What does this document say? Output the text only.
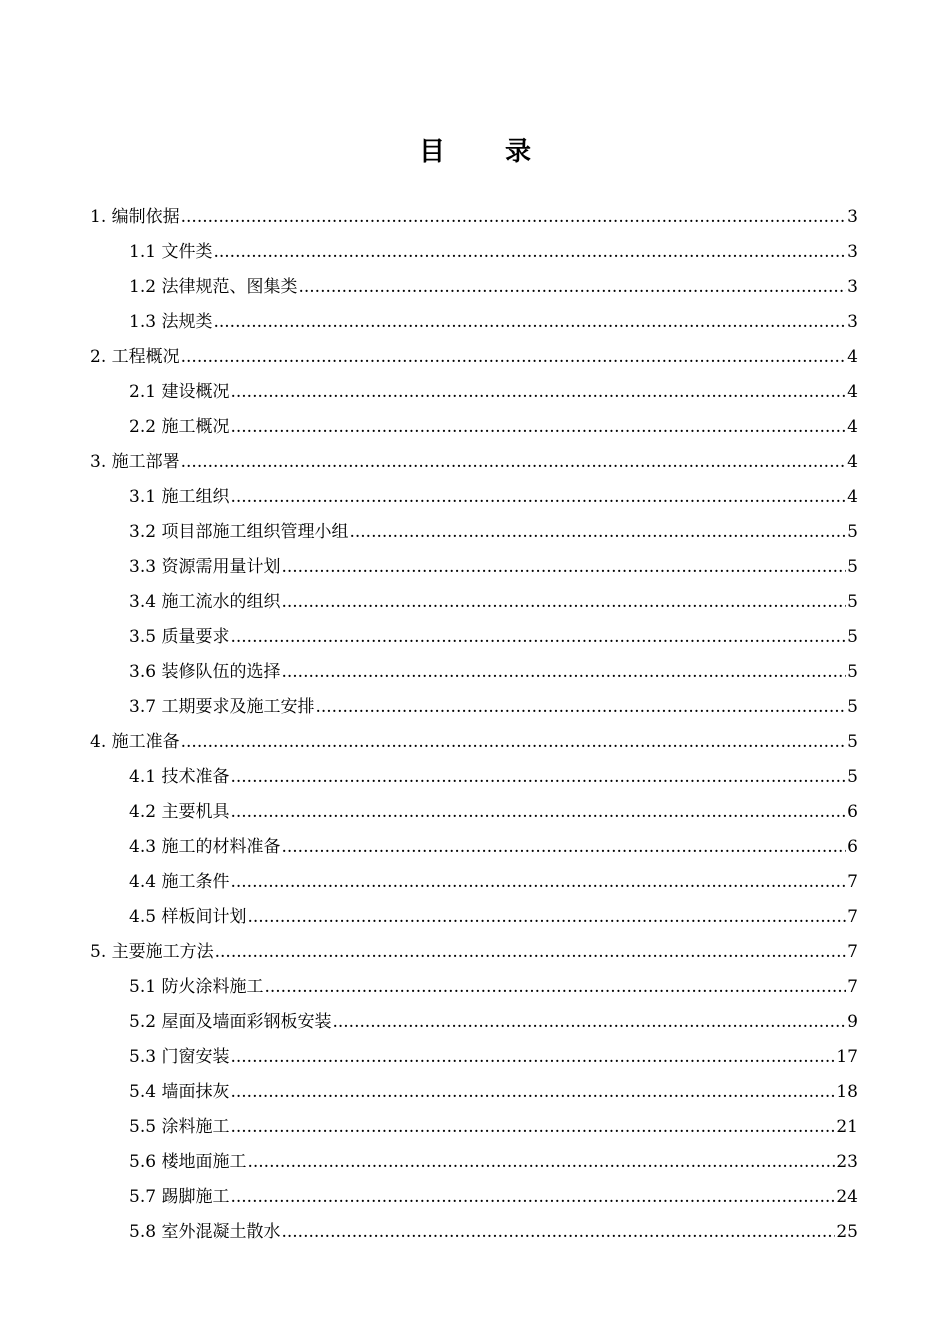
目录
1. 编制依据 .....	3
1.1 文件类 .....	3
1.2 法律规范、图集类 .....	3
1.3 法规类 .....	3
2. 工程概况 .....	4
2.1 建设概况 .....	4
2.2 施工概况 .....	4
3. 施工部署 .....	4
3.1 施工组织 .....	4
3.2 项目部施工组织管理小组 .....	5
3.3 资源需用量计划 .....	5
3.4 施工流水的组织 .....	5
3.5 质量要求 .....	5
3.6 装修队伍的选择 .....	5
3.7 工期要求及施工安排 .....	5
4. 施工准备 .....	5
4.1 技术准备 .....	5
4.2 主要机具 .....	6
4.3 施工的材料准备 .....	6
4.4 施工条件 .....	7
4.5 样板间计划 .....	7
5. 主要施工方法 .....	7
5.1 防火涂料施工 .....	7
5.2 屋面及墙面彩钢板安装 .....	9
5.3 门窗安装 .....	17
5.4 墙面抹灰 .....	18
5.5 涂料施工 .....	21
5.6 楼地面施工 .....	23
5.7 踢脚施工 .....	24
5.8 室外混凝土散水 .....	25
